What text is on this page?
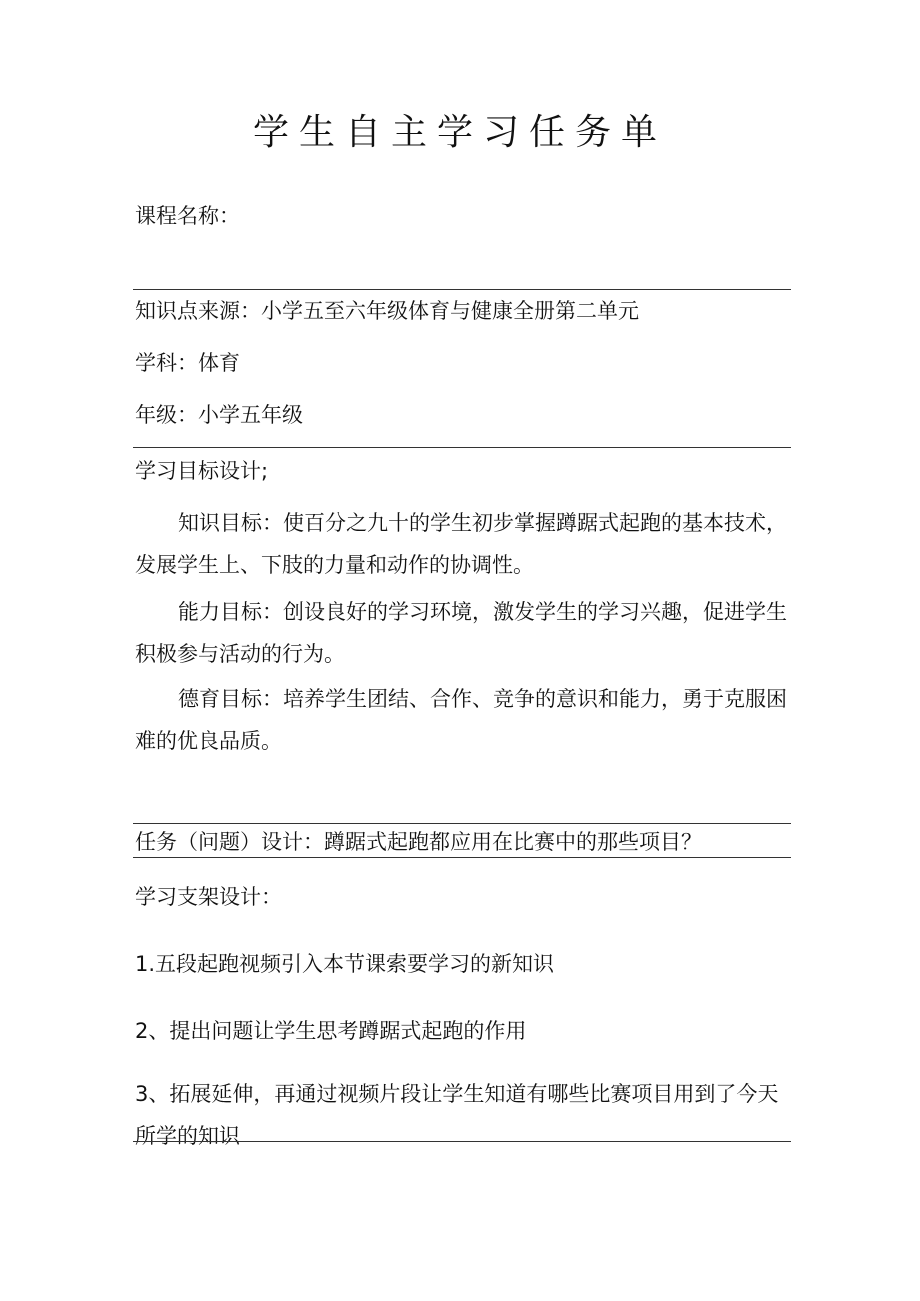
学生自主学习任务单

课程名称：

知识点来源：小学五至六年级体育与健康全册第二单元

学科：体育

年级：小学五年级

学习目标设计;

知识目标：使百分之九十的学生初步掌握蹲踞式起跑的基本技术，发展学生上、下肢的力量和动作的协调性。

能力目标：创设良好的学习环境，激发学生的学习兴趣，促进学生积极参与活动的行为。

德育目标：培养学生团结、合作、竞争的意识和能力，勇于克服困难的优良品质。

任务（问题）设计：蹲踞式起跑都应用在比赛中的那些项目？

学习支架设计：

1.五段起跑视频引入本节课索要学习的新知识

2、提出问题让学生思考蹲踞式起跑的作用

3、拓展延伸，再通过视频片段让学生知道有哪些比赛项目用到了今天所学的知识
